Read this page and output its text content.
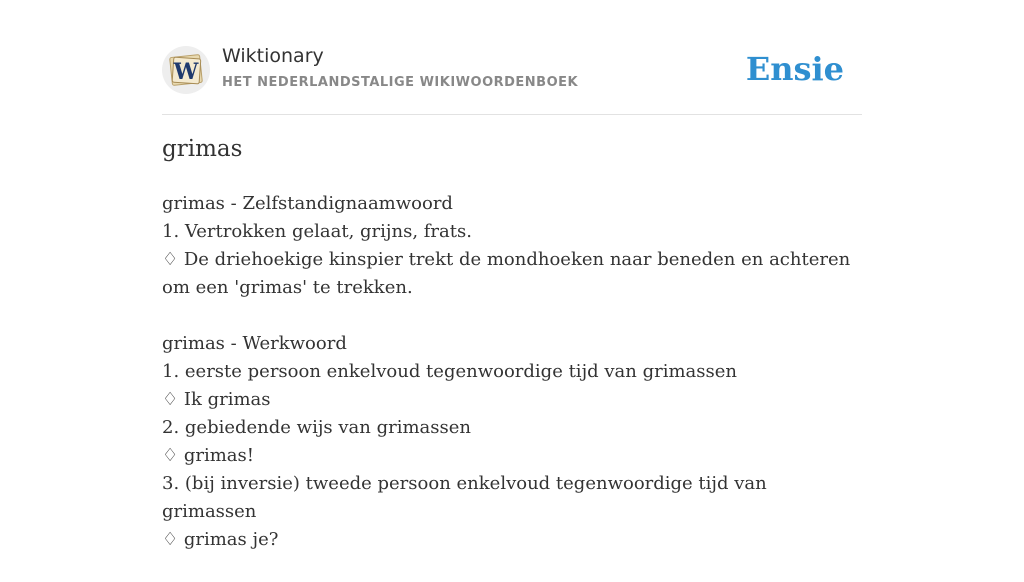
W
Wiktionary
HET NEDERLANDSTALIGE WIKIWOORDENBOEK	Ensie
grimas

grimas - Zelfstandignaamwoord

1. Vertrokken gelaat, grijns, frats.

♢ De driehoekige kinspier trekt de mondhoeken naar beneden en achteren om een 'grimas' te trekken.

grimas - Werkwoord

1. eerste persoon enkelvoud tegenwoordige tijd van grimassen

♢ Ik grimas

2. gebiedende wijs van grimassen

♢ grimas!

3. (bij inversie) tweede persoon enkelvoud tegenwoordige tijd van grimassen

♢ grimas je?
